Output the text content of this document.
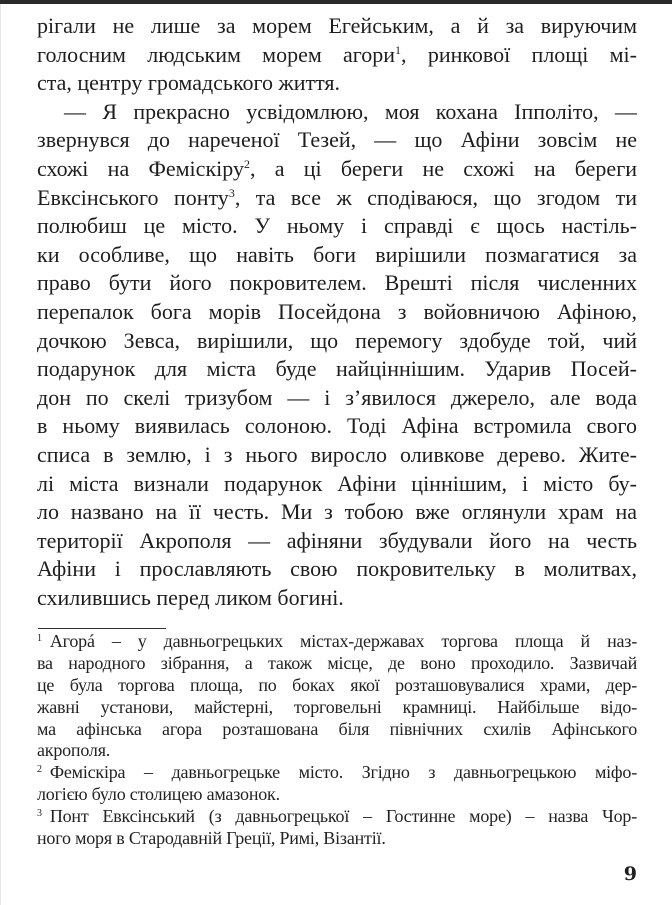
рігали не лише за морем Егейським, а й за вируючим
голосним людським морем агори$^1$, ринкової площі мі-
ста, центру громадського життя.
— Я прекрасно усвідомлюю, моя кохана Іпполіто, —
звернувся до нареченої Тезей, — що Афіни зовсім не
схожі на Феміскіру$^2$, а ці береги не схожі на береги
Евксінського понту$^3$, та все ж сподіваюся, що згодом ти
полюбиш це місто. У ньому і справді є щось настіль-
ки особливе, що навіть боги вирішили позмагатися за
право бути його покровителем. Врешті після численних
перепалок бога морів Посейдона з войовничою Афіною,
дочкою Зевса, вирішили, що перемогу здобуде той, чий
подарунок для міста буде найціннішим. Ударив Посей-
дон по скелі тризубом — і з’явилося джерело, але вода
в ньому виявилась солоною. Тоді Афіна встромила свого
списа в землю, і з нього виросло оливкове дерево. Жите-
лі міста визнали подарунок Афіни ціннішим, і місто бу-
ло названо на її честь. Ми з тобою вже оглянули храм на
території Акрополя — афіняни збудували його на честь
Афіни і прославляють свою покровительку в молитвах,
схилившись перед ликом богині.
$^1$ Агорá – у давньогрецьких містах-державах торгова площа й наз-
ва народного зібрання, а також місце, де воно проходило. Зазвичай
це була торгова площа, по боках якої розташовувалися храми, дер-
жавні установи, майстерні, торговельні крамниці. Найбільше відо-
ма афінська агора розташована біля північних схилів Афінського
акрополя.
$^2$ Феміскіра – давньогрецьке місто. Згідно з давньогрецькою міфо-
логією було столицею амазонок.
$^3$ Понт Евксінський (з давньогрецької – Гостинне море) – назва Чор-
ного моря в Стародавній Греції, Римі, Візантії.
9
